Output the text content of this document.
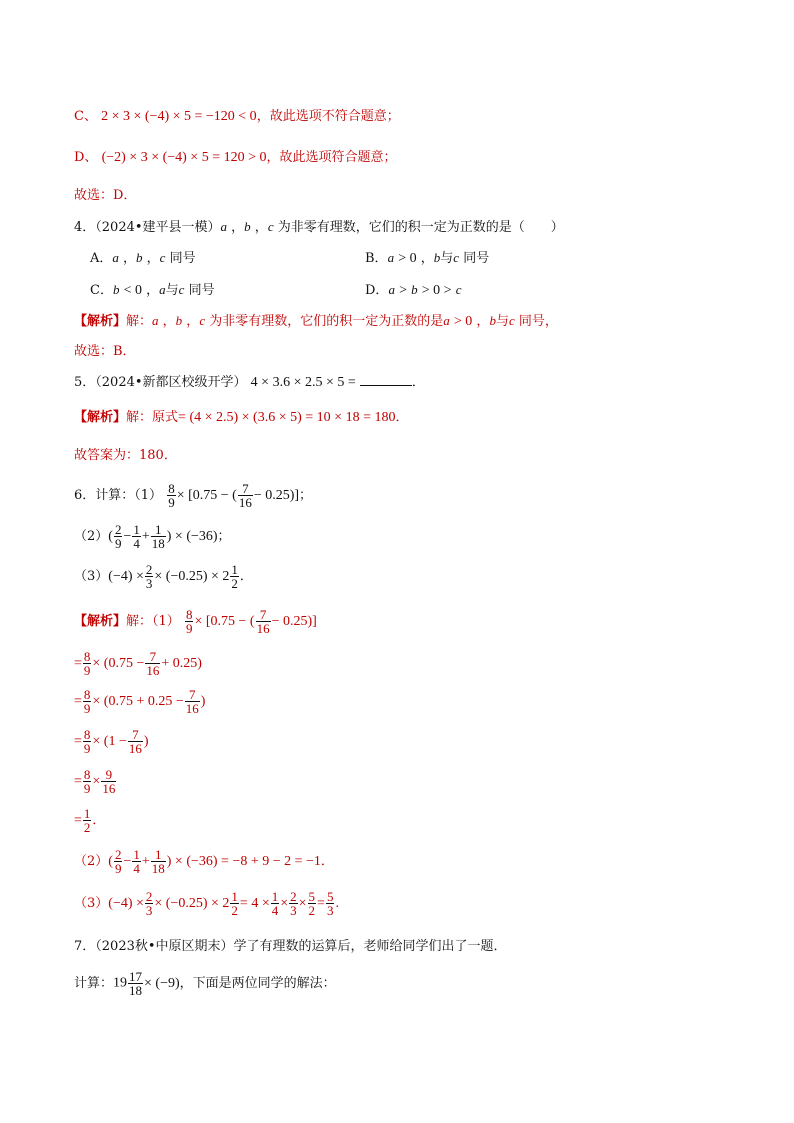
C、 2 × 3 × (−4) × 5 = −120 < 0，故此选项不符合题意；
D、 (−2) × 3 × (−4) × 5 = 120 > 0，故此选项符合题意；
故选：D．
4．（2024•建平县一模）a ，b ，c 为非零有理数，它们的积一定为正数的是（　　）
A．a ，b ，c 同号	B．a > 0 ，b与c 同号
C．b < 0 ，a与c 同号	D．a > b > 0 > c
【解析】解：a ，b ，c 为非零有理数，它们的积一定为正数的是a > 0 ，b与c 同号，
故选：B．
5．（2024•新都区校级开学） 4 × 3.6 × 2.5 × 5 =	．
【解析】解：原式= (4 × 2.5) × (3.6 × 5) = 10 × 18 = 180．
故答案为：180．
6．计算：$(1) \frac{8}{9} \times [0.75$ − ( $\frac{7}{16} - 0.25$)]；
$(2)( \frac{2}{9} - \frac{1}{4} + \frac{1}{18}$ ) × (−36)；
$(3)(-4) \times \frac{2}{3} \times (-0.25) \times 2 \frac{1}{2}$ ．
【解析】解：$(1) \frac{8}{9} \times [0.75$ − ( $\frac{7}{16} - 0.25$)]
= $\frac{8}{9} \times (0.75 - \frac{7}{16} + 0.25)$
= $\frac{8}{9} \times (0.75 + 0.25 - \frac{7}{16}$ )
= $\frac{8}{9} \times (1 - \frac{7}{16}$ )
= $\frac{8}{9} \times \frac{9}{16}$
= $\frac{1}{2}$ ．
$(2)( \frac{2}{9} - \frac{1}{4} + \frac{1}{18}$ ) × (−36) = −8 + 9 − 2 = −1．
$(3)(-4) \times \frac{2}{3} \times (-0.25) \times 2 \frac{1}{2} = 4 \times \frac{1}{4} \times \frac{2}{3} \times \frac{5}{2} = \frac{5}{3}$ .
7．（2023秋•中原区期末）学了有理数的运算后，老师给同学们出了一题．
计算：$19 \frac{17}{18} \times (-9)$，下面是两位同学的解法：
